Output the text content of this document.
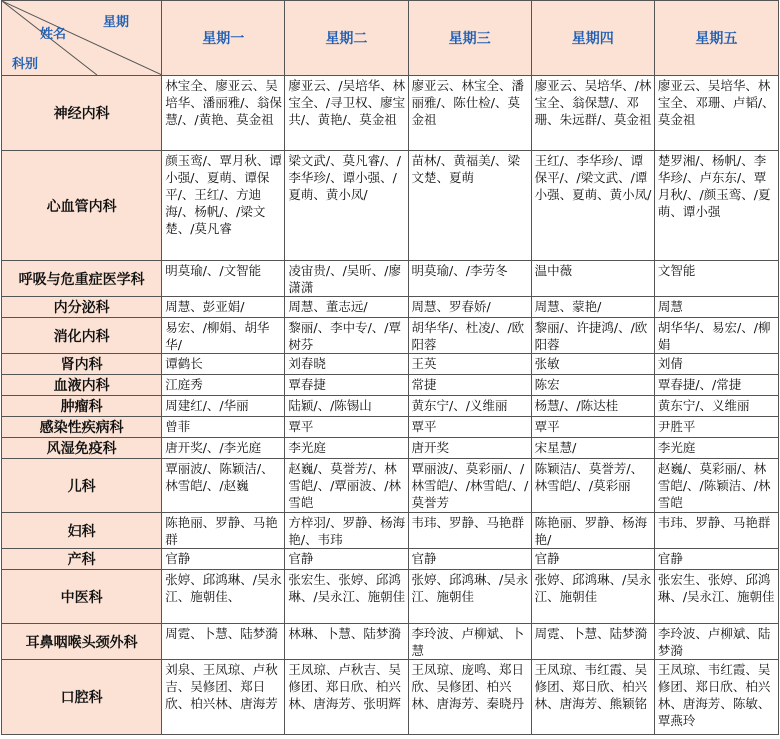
星期
姓名
科别	星期一	星期二	星期三	星期四	星期五
神经内科	林宝全、廖亚云、吴培华、潘丽雅/、翁保慧/、/黄艳、莫金祖	廖亚云、/吴培华、林宝全、/寻卫权、廖宝共/、黄艳/、莫金祖	廖亚云、林宝全、潘丽雅/、陈仕检/、莫金祖	廖亚云、吴培华、/林宝全、翁保慧/、邓珊、朱远群/、莫金祖	廖亚云、吴培华、林宝全、邓珊、卢韬/、莫金祖
心血管内科	颜玉鸾/、覃月秋、谭小强/、夏萌、谭保平/、王红/、方迪海/、杨帆/、/梁文楚、/莫凡睿	梁文武/、莫凡睿/、/李华珍/、谭小强、/夏萌、黄小凤/	苗林/、黄福美/、梁文楚、夏萌	王红/、李华珍/、谭保平/、/梁文武、/谭小强、夏萌、黄小凤/	楚罗湘/、杨帆/、李华珍/、卢东东/、覃月秋/、/颜玉鸾、/夏萌、谭小强
呼吸与危重症医学科	明莫瑜/、/文智能	凌宙贵/、/吴昕、/廖潇潇	明莫瑜/、/李劳冬	温中薇	文智能
内分泌科	周慧、彭亚娟/	周慧、董志远/	周慧、罗春娇/	周慧、蒙艳/	周慧
消化内科	易宏、/柳娟、胡华华/	黎丽/、李中专/、/覃树芬	胡华华/、杜凌/、/欧阳蓉	黎丽/、许捷鸿/、/欧阳蓉	胡华华/、易宏/、/柳娟
肾内科	谭鹤长	刘春晓	王英	张敏	刘倩
血液内科	江庭秀	覃春捷	常捷	陈宏	覃春捷/、/常捷
肿瘤科	周建红/、/华丽	陆颖/、/陈锡山	黄东宁/、/义维丽	杨慧/、/陈达桂	黄东宁/、义维丽
感染性疾病科	曾菲	覃平	覃平	覃平	尹胜平
风湿免疫科	唐开奖/、/李光庭	李光庭	唐开奖	宋星慧/	李光庭
儿科	覃丽波/、陈颖洁/、林雪皑/、/赵巍	赵巍/、莫誉芳/、林雪皑/、/覃丽波、/林雪皑	覃丽波/、莫彩丽/、/林雪皑/、/林雪皑/、/莫誉芳	陈颖洁/、莫誉芳/、林雪皑/、/莫彩丽	赵巍/、莫彩丽/、林雪皑/、/陈颖洁、/林雪皑
妇科	陈艳丽、罗静、马艳群	方梓羽/、罗静、杨海艳/、韦玮	韦玮、罗静、马艳群	陈艳丽、罗静、杨海艳/	韦玮、罗静、马艳群
产科	官静	官静	官静	官静	官静
中医科	张婷、邱鸿琳、/吴永江、施朝佳、	张宏生、张婷、邱鸿琳、/吴永江、施朝佳	张婷、邱鸿琳、/吴永江、施朝佳	张婷、邱鸿琳、/吴永江、施朝佳	张宏生、张婷、邱鸿琳、/吴永江、施朝佳
耳鼻咽喉头颈外科	周霓、卜慧、陆梦漪	林琳、卜慧、陆梦漪	李玲波、卢柳斌、卜慧	周霓、卜慧、陆梦漪	李玲波、卢柳斌、陆梦漪
口腔科	刘泉、王凤琼、卢秋吉、吴修团、郑日欣、柏兴林、唐海芳	王凤琼、卢秋吉、吴修团、郑日欣、柏兴林、唐海芳、张明辉	王凤琼、庞鸣、郑日欣、吴修团、柏兴林、唐海芳、秦晓丹	王凤琼、韦红霞、吴修团、郑日欣、柏兴林、唐海芳、熊颖铭	王凤琼、韦红霞、吴修团、郑日欣、柏兴林、唐海芳、陈敏、覃燕玲
